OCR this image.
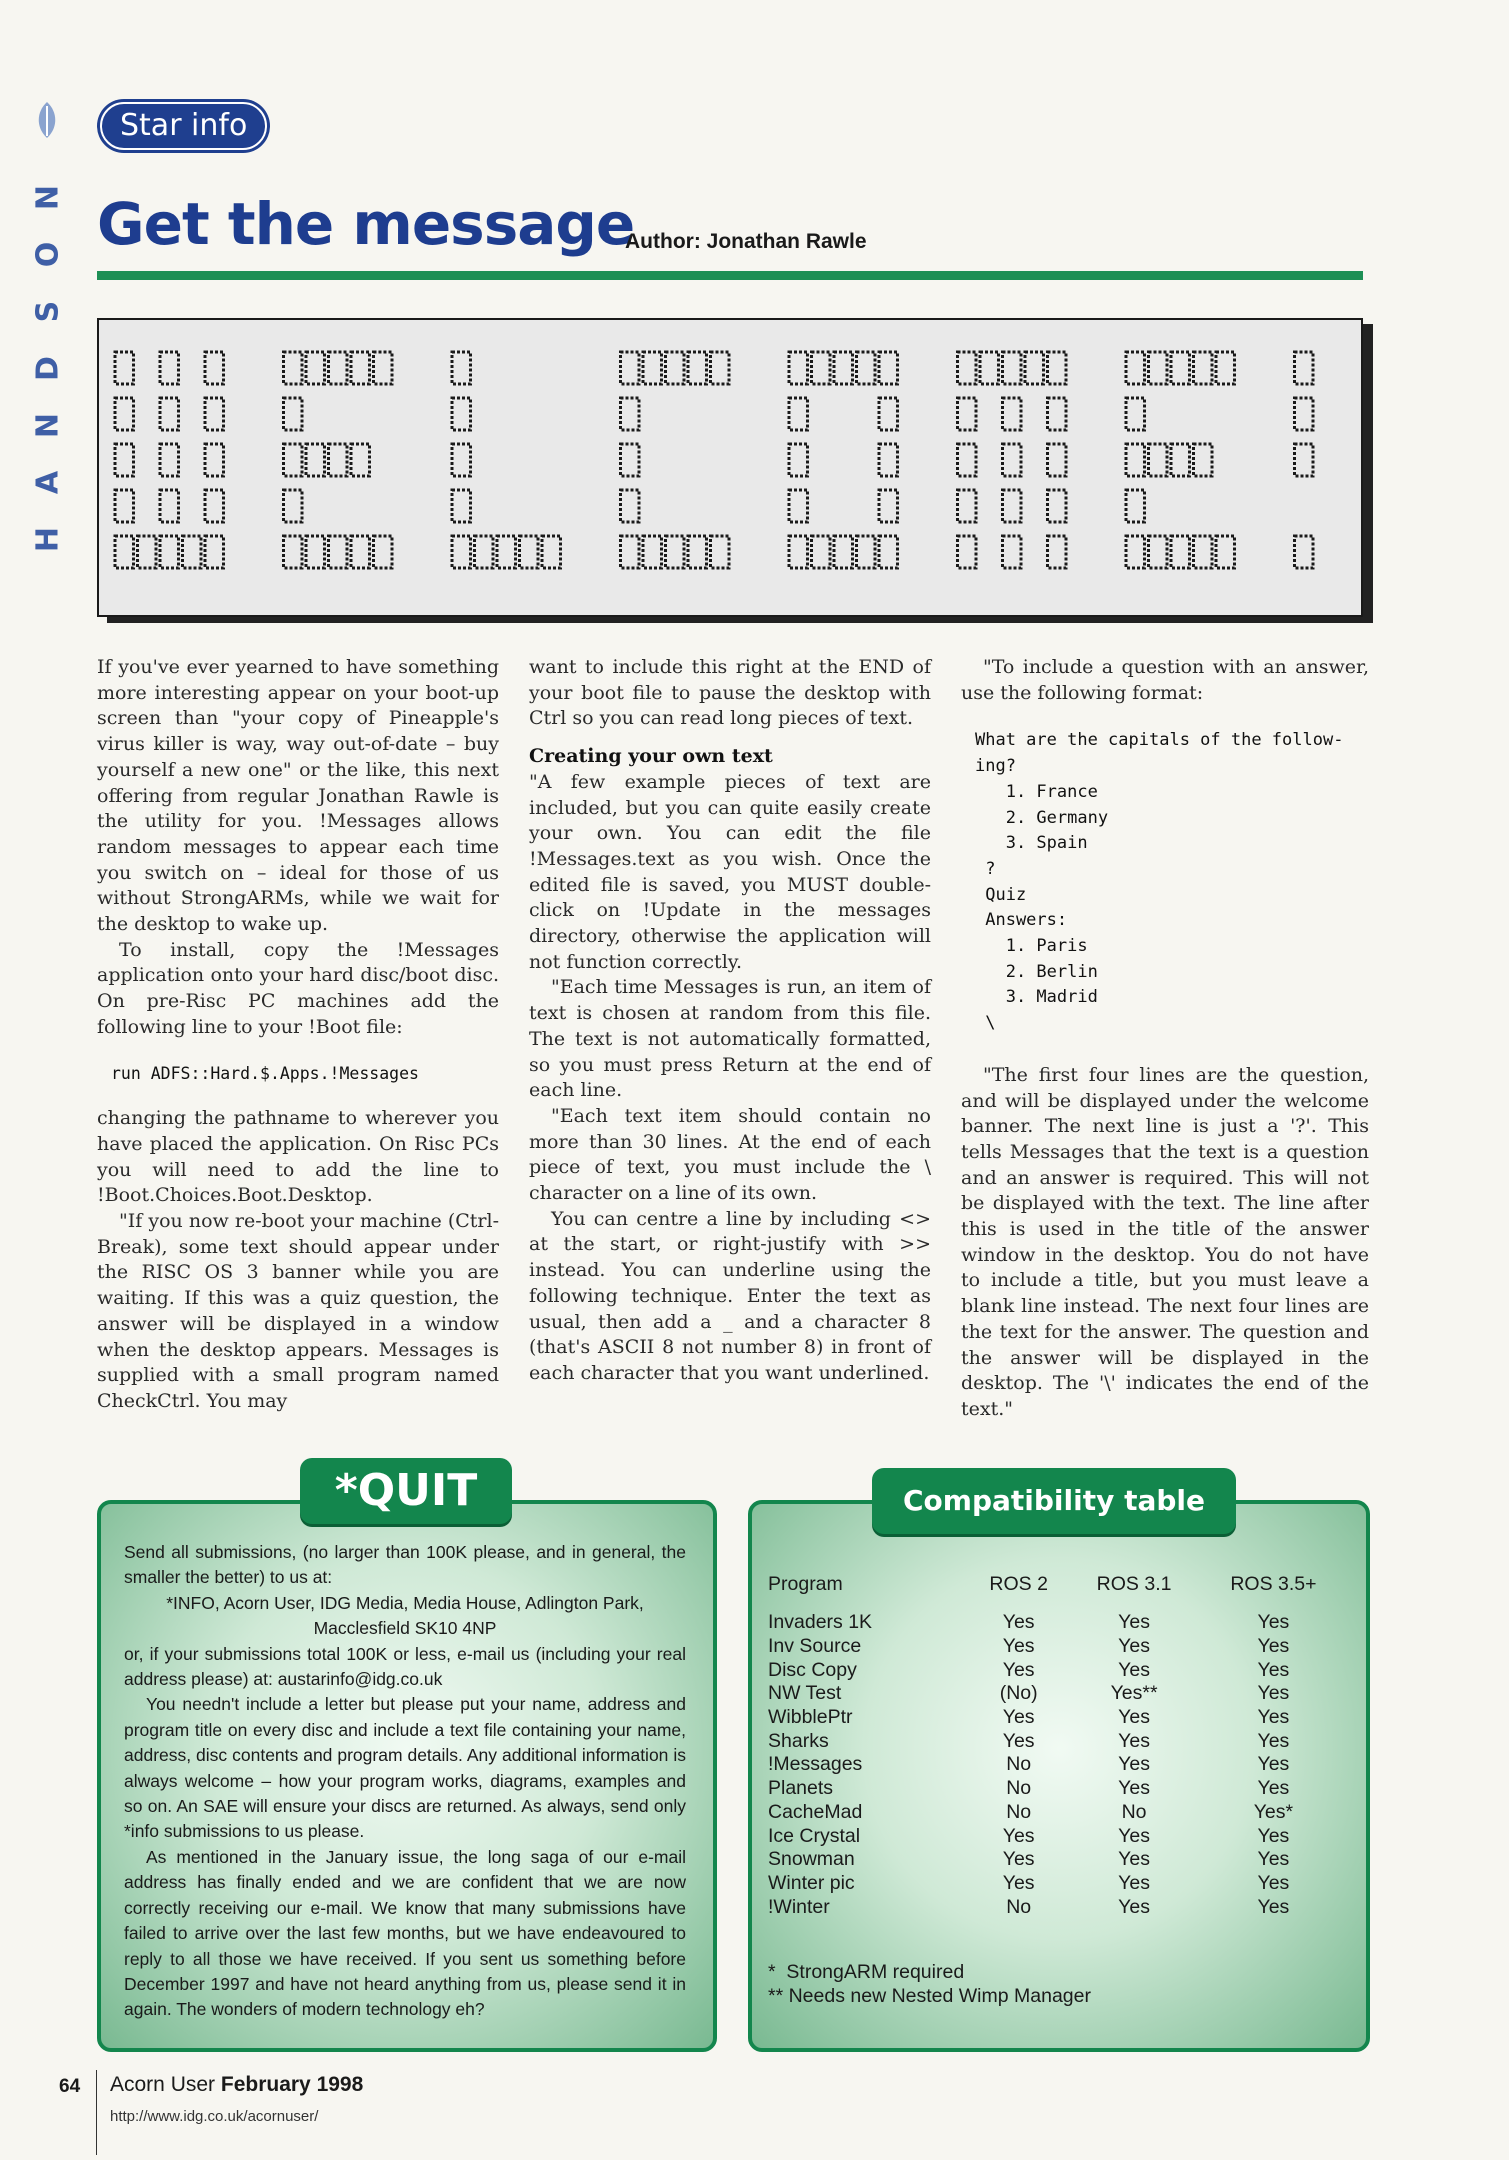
N
O
S
D
N
A
H
Star info
Get the message
Author: Jonathan Rawle

If you've ever yearned to have something more interesting appear on your boot-up screen than "your copy of Pineapple's virus killer is way, way out-of-date – buy yourself a new one" or the like, this next offering from regular Jonathan Rawle is the utility for you. !Messages allows random messages to appear each time you switch on – ideal for those of us without StrongARMs, while we wait for the desktop to wake up.

To install, copy the !Messages application onto your hard disc/boot disc. On pre-Risc PC machines add the following line to your !Boot file:

run ADFS::Hard.$.Apps.!Messages

changing the pathname to wherever you have placed the application. On Risc PCs you will need to add the line to !Boot.Choices.Boot.Desktop.

"If you now re-boot your machine (Ctrl-Break), some text should appear under the RISC OS 3 banner while you are waiting. If this was a quiz question, the answer will be displayed in a window when the desktop appears. Messages is supplied with a small program named CheckCtrl. You may

want to include this right at the END of your boot file to pause the desktop with Ctrl so you can read long pieces of text.

Creating your own text

"A few example pieces of text are included, but you can quite easily create your own. You can edit the file !Messages.text as you wish. Once the edited file is saved, you MUST double-click on !Update in the messages directory, otherwise the application will not function correctly.

"Each time Messages is run, an item of text is chosen at random from this file. The text is not automatically formatted, so you must press Return at the end of each line.

"Each text item should contain no more than 30 lines. At the end of each piece of text, you must include the \ character on a line of its own.

You can centre a line by including <> at the start, or right-justify with >> instead. You can underline using the following technique. Enter the text as usual, then add a _ and a character 8 (that's ASCII 8 not number 8) in front of each character that you want underlined.

"To include a question with an answer, use the following format:

What are the capitals of the follow-
ing?
1. France
2. Germany
3. Spain
?
Quiz
Answers:
1. Paris
2. Berlin
3. Madrid
\

"The first four lines are the question, and will be displayed under the welcome banner. The next line is just a '?'. This tells Messages that the text is a question and an answer is required. This will not be displayed with the text. The line after this is used in the title of the answer window in the desktop. You do not have to include a title, but you must leave a blank line instead. The next four lines are the text for the answer. The question and the answer will be displayed in the desktop. The '\' indicates the end of the text."

*QUIT

Send all submissions, (no larger than 100K please, and in general, the smaller the better) to us at:

*INFO, Acorn User, IDG Media, Media House, Adlington Park,

Macclesfield SK10 4NP

or, if your submissions total 100K or less, e-mail us (including your real address please) at: austarinfo@idg.co.uk

You needn't include a letter but please put your name, address and program title on every disc and include a text file containing your name, address, disc contents and program details. Any additional information is always welcome – how your program works, diagrams, examples and so on. An SAE will ensure your discs are returned. As always, send only *info submissions to us please.

As mentioned in the January issue, the long saga of our e-mail address has finally ended and we are confident that we are now correctly receiving our e-mail. We know that many submissions have failed to arrive over the last few months, but we have endeavoured to reply to all those we have received. If you sent us something before December 1997 and have not heard anything from us, please send it in again. The wonders of modern technology eh?

Compatibility table
Program	ROS 2	ROS 3.1	ROS 3.5+
Invaders 1K	Yes	Yes	Yes
Inv Source	Yes	Yes	Yes
Disc Copy	Yes	Yes	Yes
NW Test	(No)	Yes**	Yes
WibblePtr	Yes	Yes	Yes
Sharks	Yes	Yes	Yes
!Messages	No	Yes	Yes
Planets	No	Yes	Yes
CacheMad	No	No	Yes*
Ice Crystal	Yes	Yes	Yes
Snowman	Yes	Yes	Yes
Winter pic	Yes	Yes	Yes
!Winter	No	Yes	Yes
*  StrongARM required
** Needs new Nested Wimp Manager
64 Acorn User February 1998
http://www.idg.co.uk/acornuser/
